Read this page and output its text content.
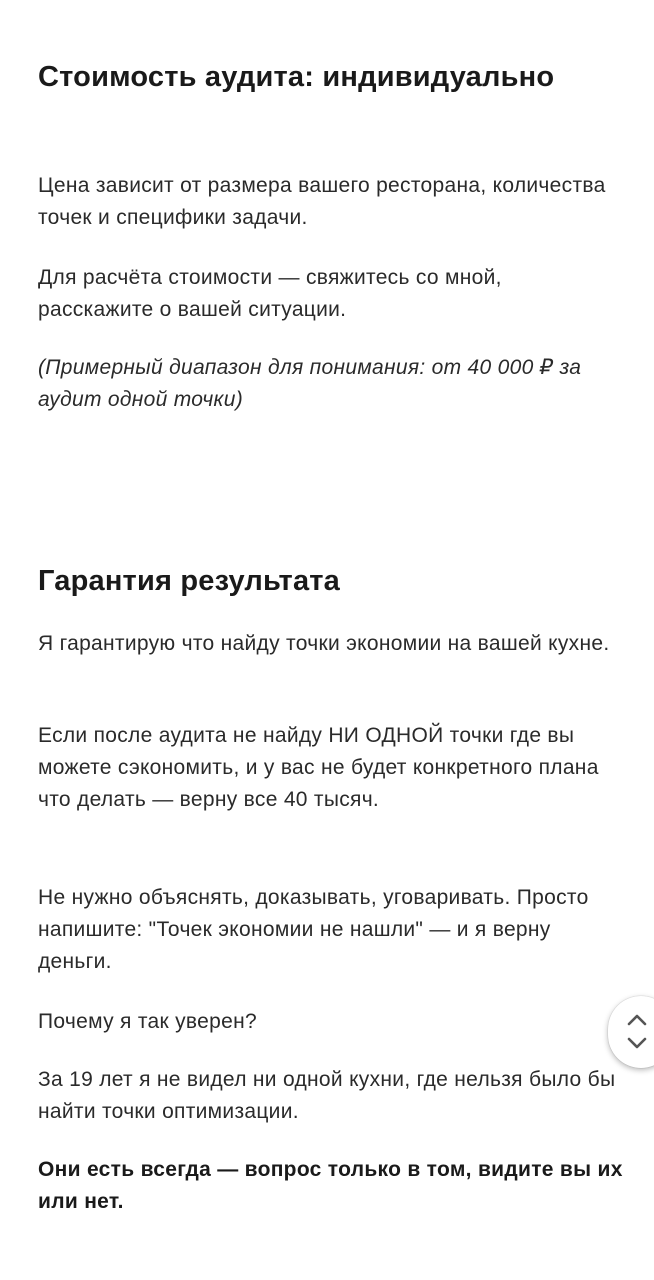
Стоимость аудита: индивидуально

Цена зависит от размера вашего ресторана, количества точек и специфики задачи.

Для расчёта стоимости — свяжитесь со мной, расскажите о вашей ситуации.

(Примерный диапазон для понимания: от 40 000 ₽ за аудит одной точки)

Гарантия результата

Я гарантирую что найду точки экономии на вашей кухне.

Если после аудита не найду НИ ОДНОЙ точки где вы можете сэкономить, и у вас не будет конкретного плана что делать — верну все 40 тысяч.

Не нужно объяснять, доказывать, уговаривать. Просто напишите: "Точек экономии не нашли" — и я верну деньги.

Почему я так уверен?

За 19 лет я не видел ни одной кухни, где нельзя было бы найти точки оптимизации.

Они есть всегда — вопрос только в том, видите вы их или нет.
